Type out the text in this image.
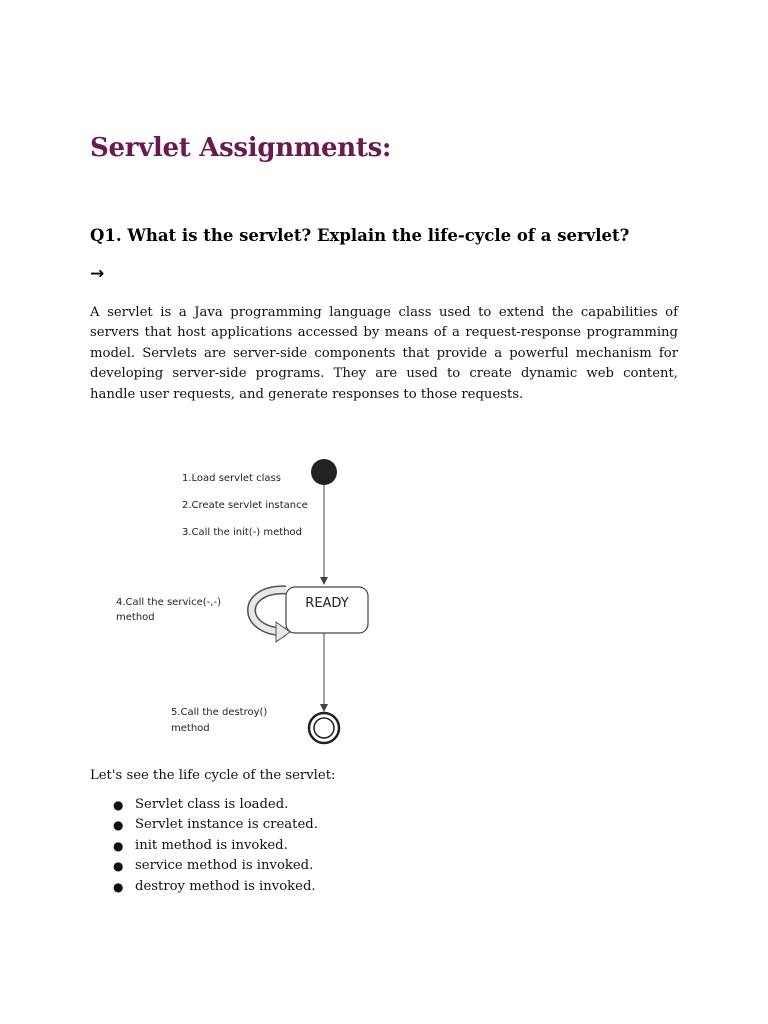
Servlet Assignments:
Q1. What is the servlet? Explain the life-cycle of a servlet?
→

A servlet is a Java programming language class used to extend the capabilities of servers that host applications accessed by means of a request-response programming model. Servlets are server-side components that provide a powerful mechanism for developing server-side programs. They are used to create dynamic web content, handle user requests, and generate responses to those requests.

1.Load servlet class
2.Create servlet instance
3.Call the init(-) method
READY
4.Call the service(-,-)
method
5.Call the destroy()
method

Let's see the life cycle of the servlet:

● Servlet class is loaded.
● Servlet instance is created.
● init method is invoked.
● service method is invoked.
● destroy method is invoked.
